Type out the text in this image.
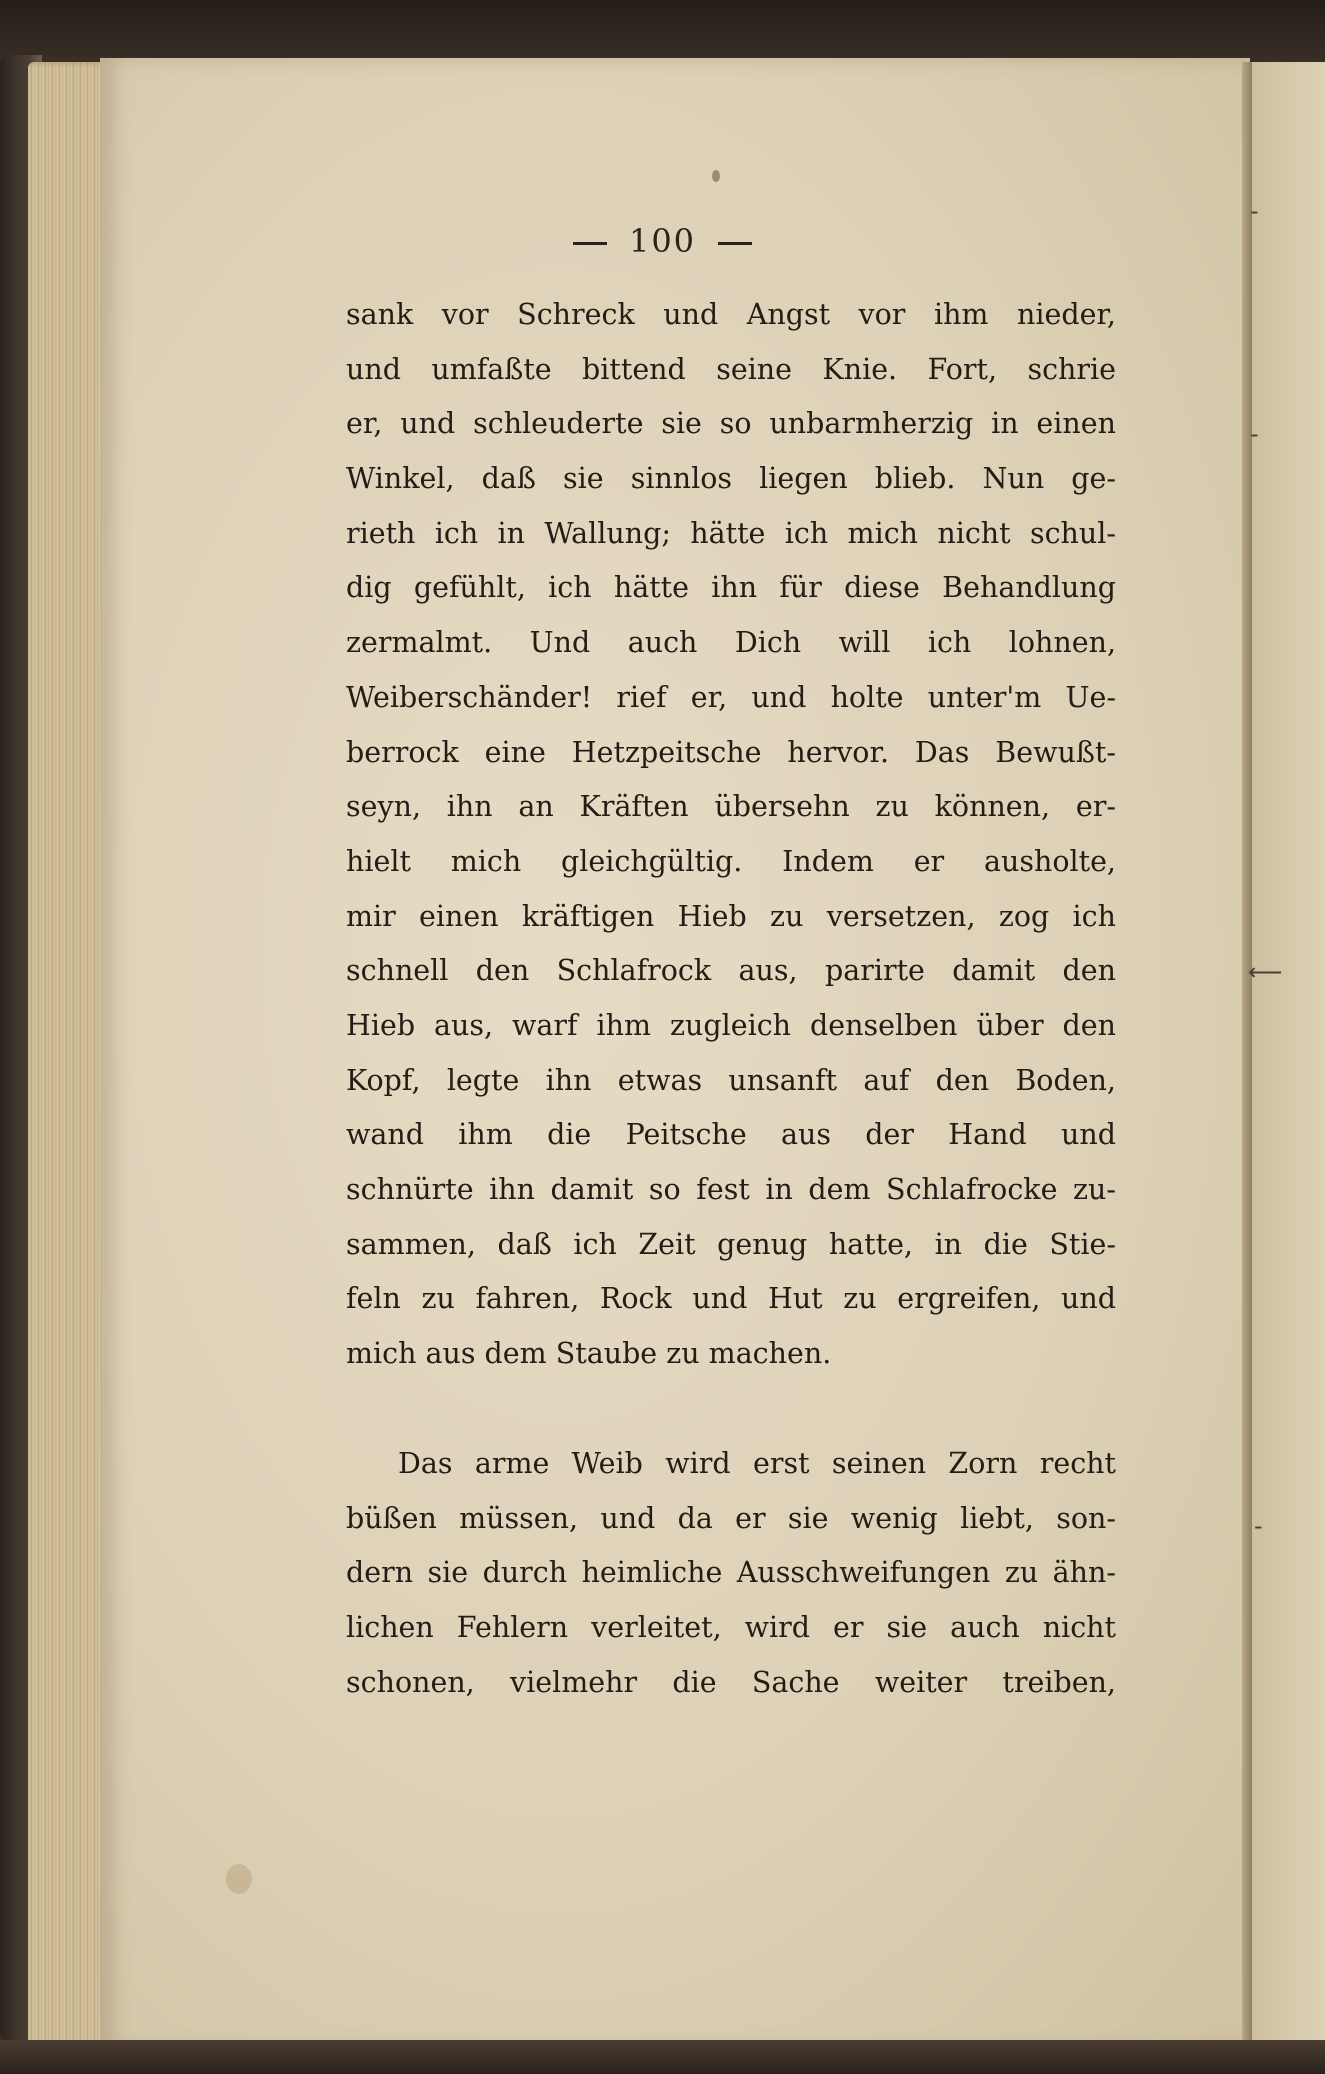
-
-
⟵
-
100
sank vor Schreck und Angst vor ihm nieder,
und umfaßte bittend seine Knie. Fort, schrie
er, und schleuderte sie so unbarmherzig in einen
Winkel, daß sie sinnlos liegen blieb. Nun ge-
rieth ich in Wallung; hätte ich mich nicht schul-
dig gefühlt, ich hätte ihn für diese Behandlung
zermalmt. Und auch Dich will ich lohnen,
Weiberschänder! rief er, und holte unter'm Ue-
berrock eine Hetzpeitsche hervor. Das Bewußt-
seyn, ihn an Kräften übersehn zu können, er-
hielt mich gleichgültig. Indem er ausholte,
mir einen kräftigen Hieb zu versetzen, zog ich
schnell den Schlafrock aus, parirte damit den
Hieb aus, warf ihm zugleich denselben über den
Kopf, legte ihn etwas unsanft auf den Boden,
wand ihm die Peitsche aus der Hand und
schnürte ihn damit so fest in dem Schlafrocke zu-
sammen, daß ich Zeit genug hatte, in die Stie-
feln zu fahren, Rock und Hut zu ergreifen, und
mich aus dem Staube zu machen.
Das arme Weib wird erst seinen Zorn recht
büßen müssen, und da er sie wenig liebt, son-
dern sie durch heimliche Ausschweifungen zu ähn-
lichen Fehlern verleitet, wird er sie auch nicht
schonen, vielmehr die Sache weiter treiben,
